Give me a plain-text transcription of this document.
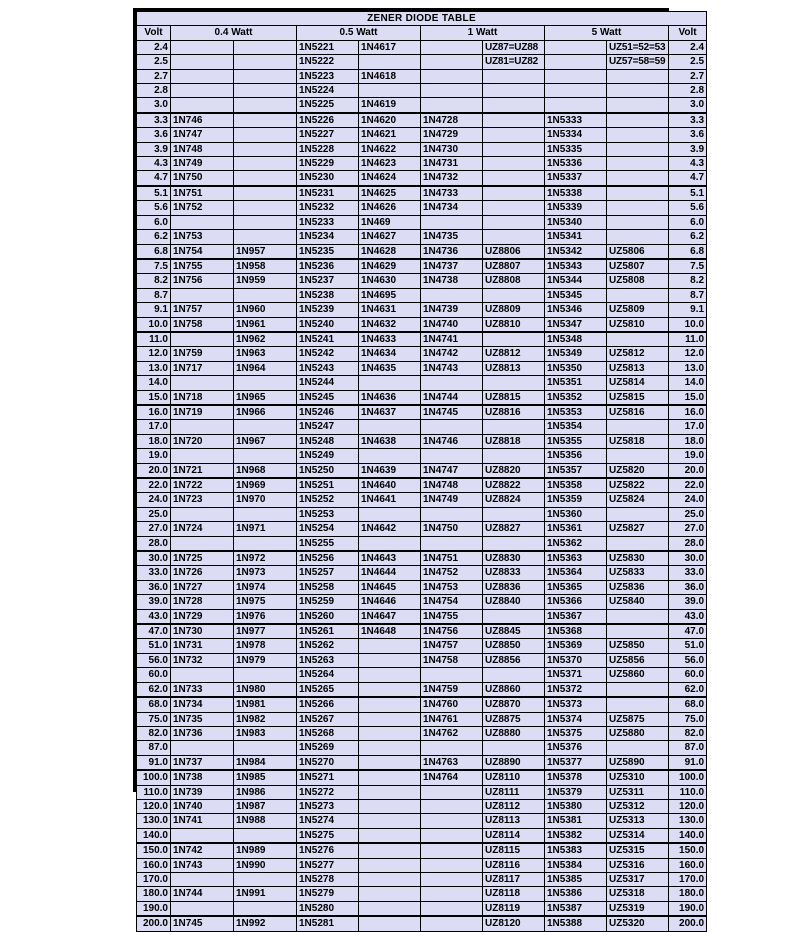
ZENER DIODE TABLE									
Volt	0.4 Watt		0.5 Watt		1 Watt		5 Watt		Volt
2.4			1N5221	1N4617		UZ87=UZ88		UZ51=52=53	2.4
2.5			1N5222			UZ81=UZ82		UZ57=58=59	2.5
2.7			1N5223	1N4618					2.7
2.8			1N5224						2.8
3.0			1N5225	1N4619					3.0
3.3	1N746		1N5226	1N4620	1N4728		1N5333		3.3
3.6	1N747		1N5227	1N4621	1N4729		1N5334		3.6
3.9	1N748		1N5228	1N4622	1N4730		1N5335		3.9
4.3	1N749		1N5229	1N4623	1N4731		1N5336		4.3
4.7	1N750		1N5230	1N4624	1N4732		1N5337		4.7
5.1	1N751		1N5231	1N4625	1N4733		1N5338		5.1
5.6	1N752		1N5232	1N4626	1N4734		1N5339		5.6
6.0			1N5233	1N469			1N5340		6.0
6.2	1N753		1N5234	1N4627	1N4735		1N5341		6.2
6.8	1N754	1N957	1N5235	1N4628	1N4736	UZ8806	1N5342	UZ5806	6.8
7.5	1N755	1N958	1N5236	1N4629	1N4737	UZ8807	1N5343	UZ5807	7.5
8.2	1N756	1N959	1N5237	1N4630	1N4738	UZ8808	1N5344	UZ5808	8.2
8.7			1N5238	1N4695			1N5345		8.7
9.1	1N757	1N960	1N5239	1N4631	1N4739	UZ8809	1N5346	UZ5809	9.1
10.0	1N758	1N961	1N5240	1N4632	1N4740	UZ8810	1N5347	UZ5810	10.0
11.0		1N962	1N5241	1N4633	1N4741		1N5348		11.0
12.0	1N759	1N963	1N5242	1N4634	1N4742	UZ8812	1N5349	UZ5812	12.0
13.0	1N717	1N964	1N5243	1N4635	1N4743	UZ8813	1N5350	UZ5813	13.0
14.0			1N5244				1N5351	UZ5814	14.0
15.0	1N718	1N965	1N5245	1N4636	1N4744	UZ8815	1N5352	UZ5815	15.0
16.0	1N719	1N966	1N5246	1N4637	1N4745	UZ8816	1N5353	UZ5816	16.0
17.0			1N5247				1N5354		17.0
18.0	1N720	1N967	1N5248	1N4638	1N4746	UZ8818	1N5355	UZ5818	18.0
19.0			1N5249				1N5356		19.0
20.0	1N721	1N968	1N5250	1N4639	1N4747	UZ8820	1N5357	UZ5820	20.0
22.0	1N722	1N969	1N5251	1N4640	1N4748	UZ8822	1N5358	UZ5822	22.0
24.0	1N723	1N970	1N5252	1N4641	1N4749	UZ8824	1N5359	UZ5824	24.0
25.0			1N5253				1N5360		25.0
27.0	1N724	1N971	1N5254	1N4642	1N4750	UZ8827	1N5361	UZ5827	27.0
28.0			1N5255				1N5362		28.0
30.0	1N725	1N972	1N5256	1N4643	1N4751	UZ8830	1N5363	UZ5830	30.0
33.0	1N726	1N973	1N5257	1N4644	1N4752	UZ8833	1N5364	UZ5833	33.0
36.0	1N727	1N974	1N5258	1N4645	1N4753	UZ8836	1N5365	UZ5836	36.0
39.0	1N728	1N975	1N5259	1N4646	1N4754	UZ8840	1N5366	UZ5840	39.0
43.0	1N729	1N976	1N5260	1N4647	1N4755		1N5367		43.0
47.0	1N730	1N977	1N5261	1N4648	1N4756	UZ8845	1N5368		47.0
51.0	1N731	1N978	1N5262		1N4757	UZ8850	1N5369	UZ5850	51.0
56.0	1N732	1N979	1N5263		1N4758	UZ8856	1N5370	UZ5856	56.0
60.0			1N5264				1N5371	UZ5860	60.0
62.0	1N733	1N980	1N5265		1N4759	UZ8860	1N5372		62.0
68.0	1N734	1N981	1N5266		1N4760	UZ8870	1N5373		68.0
75.0	1N735	1N982	1N5267		1N4761	UZ8875	1N5374	UZ5875	75.0
82.0	1N736	1N983	1N5268		1N4762	UZ8880	1N5375	UZ5880	82.0
87.0			1N5269				1N5376		87.0
91.0	1N737	1N984	1N5270		1N4763	UZ8890	1N5377	UZ5890	91.0
100.0	1N738	1N985	1N5271		1N4764	UZ8110	1N5378	UZ5310	100.0
110.0	1N739	1N986	1N5272			UZ8111	1N5379	UZ5311	110.0
120.0	1N740	1N987	1N5273			UZ8112	1N5380	UZ5312	120.0
130.0	1N741	1N988	1N5274			UZ8113	1N5381	UZ5313	130.0
140.0			1N5275			UZ8114	1N5382	UZ5314	140.0
150.0	1N742	1N989	1N5276			UZ8115	1N5383	UZ5315	150.0
160.0	1N743	1N990	1N5277			UZ8116	1N5384	UZ5316	160.0
170.0			1N5278			UZ8117	1N5385	UZ5317	170.0
180.0	1N744	1N991	1N5279			UZ8118	1N5386	UZ5318	180.0
190.0			1N5280			UZ8119	1N5387	UZ5319	190.0
200.0	1N745	1N992	1N5281			UZ8120	1N5388	UZ5320	200.0
